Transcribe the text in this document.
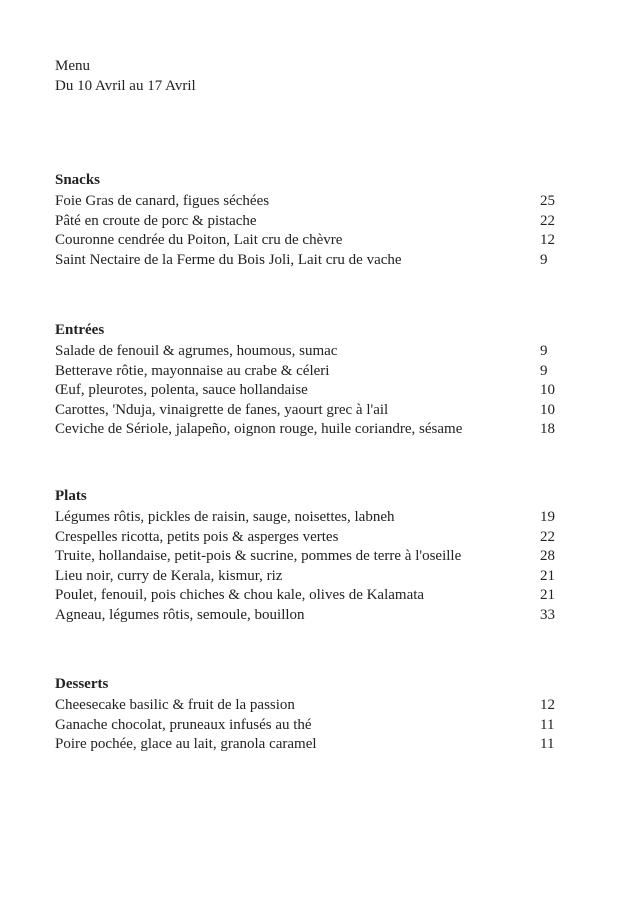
Menu
Du 10 Avril au 17 Avril
Snacks
Foie Gras de canard, figues séchées	25
Pâté en croute de porc & pistache	22
Couronne cendrée du Poiton, Lait cru de chèvre	12
Saint Nectaire de la Ferme du Bois Joli, Lait cru de vache	9
Entrées
Salade de fenouil & agrumes, houmous, sumac	9
Betterave rôtie, mayonnaise au crabe & céleri	9
Œuf, pleurotes, polenta, sauce hollandaise	10
Carottes, 'Nduja, vinaigrette de fanes, yaourt grec à l'ail	10
Ceviche de Sériole, jalapeño, oignon rouge, huile coriandre, sésame	18
Plats
Légumes rôtis, pickles de raisin, sauge, noisettes, labneh	19
Crespelles ricotta, petits pois & asperges vertes	22
Truite, hollandaise, petit-pois & sucrine, pommes de terre à l'oseille	28
Lieu noir, curry de Kerala, kismur, riz	21
Poulet, fenouil, pois chiches & chou kale, olives de Kalamata	21
Agneau, légumes rôtis, semoule, bouillon	33
Desserts
Cheesecake basilic & fruit de la passion	12
Ganache chocolat, pruneaux infusés au thé	11
Poire pochée, glace au lait, granola caramel	11
